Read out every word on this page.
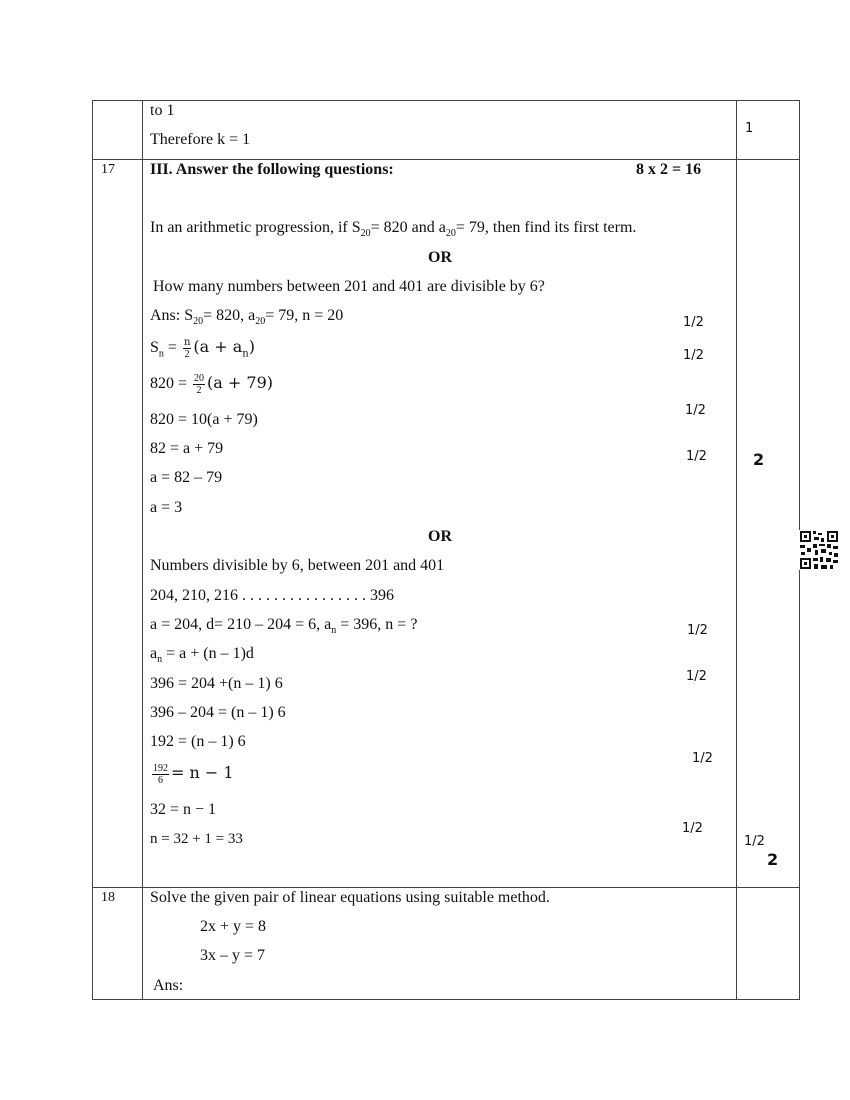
to 1
Therefore k = 1
1
17 III. Answer the following questions:	8 x 2 = 16
In an arithmetic progression, if $S_{20}= 820$ and $a_{20}= 79$, then find its first term.
OR
How many numbers between 201 and 401 are divisible by 6?
Ans: $S_{20}= 820$, $a_{20}= 79$, n = 20
$S_n = \frac{n}{2} (a + a_n)$
$820 = \frac{20}{2} (a + 79)$
820 = 10(a + 79)
82 = a + 79
a = 82 – 79
a = 3
OR
Numbers divisible by 6, between 201 and 401
204, 210, 216 . . . . . . . . . . . . . . . . 396
a = 204, d= 210 – 204 = 6, $a_n = 396$, n = ?
$a_n = a + (n - 1)d$
396 = 204 +(n – 1) 6
396 – 204 = (n – 1) 6
192 = (n – 1) 6
$\frac{192}{6} = n - 1$
32 = n − 1
n = 32 + 1 = 33
1/2
1/2
1/2
1/2
1/2
1/2
1/2
1/2
1/2
2
2
18 Solve the given pair of linear equations using suitable method.
2x + y = 8
3x – y = 7
Ans:
